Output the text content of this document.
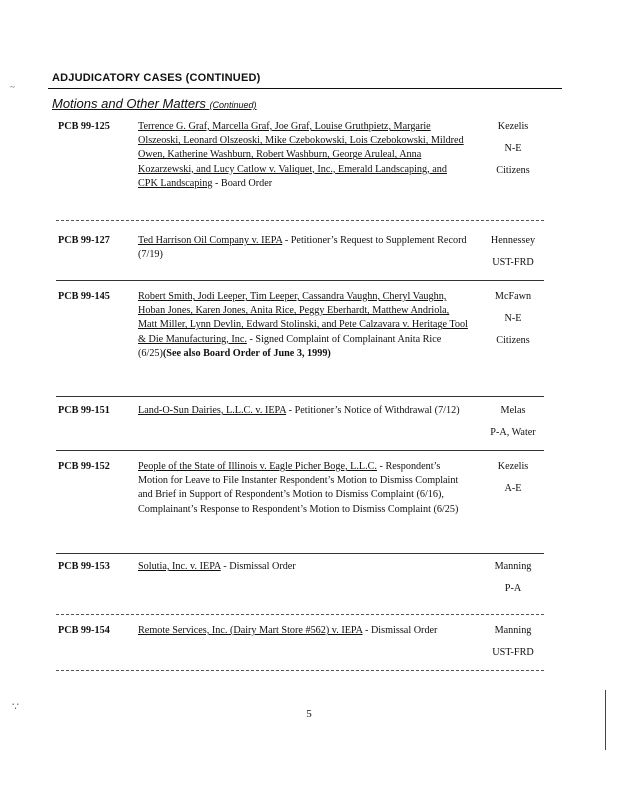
~
∵
ADJUDICATORY CASES (CONTINUED)
Motions and Other Matters (Continued)
PCB 99-125	Terrence G. Graf, Marcella Graf, Joe Graf, Louise Gruthpietz, Margarie Olszeoski, Leonard Olszeoski, Mike Czebokowski, Lois Czebokowski, Mildred Owen, Katherine Washburn, Robert Washburn, George Aruleal, Anna Kozarzewski, and Lucy Catlow v. Valiquet, Inc., Emerald Landscaping, and CPK Landscaping - Board Order
Kezelis
N-E
Citizens
PCB 99-127	Ted Harrison Oil Company v. IEPA - Petitioner’s Request to Supplement Record (7/19)
Hennessey
UST-FRD
PCB 99-145	Robert Smith, Jodi Leeper, Tim Leeper, Cassandra Vaughn, Cheryl Vaughn, Hoban Jones, Karen Jones, Anita Rice, Peggy Eberhardt, Matthew Andriola, Matt Miller, Lynn Devlin, Edward Stolinski, and Pete Calzavara v. Heritage Tool & Die Manufacturing, Inc. - Signed Complaint of Complainant Anita Rice (6/25)(See also Board Order of June 3, 1999)
McFawn
N-E
Citizens
PCB 99-151	Land-O-Sun Dairies, L.L.C. v. IEPA - Petitioner’s Notice of Withdrawal (7/12)	Melas
P-A, Water
PCB 99-152	People of the State of Illinois v. Eagle Picher Boge, L.L.C. - Respondent’s Motion for Leave to File Instanter Respondent’s Motion to Dismiss Complaint and Brief in Support of Respondent’s Motion to Dismiss Complaint (6/16), Complainant’s Response to Respondent’s Motion to Dismiss Complaint (6/25)
Kezelis
A-E
PCB 99-153	Solutia, Inc. v. IEPA - Dismissal Order	Manning
P-A
PCB 99-154	Remote Services, Inc. (Dairy Mart Store #562) v. IEPA - Dismissal Order	Manning
UST-FRD
5
